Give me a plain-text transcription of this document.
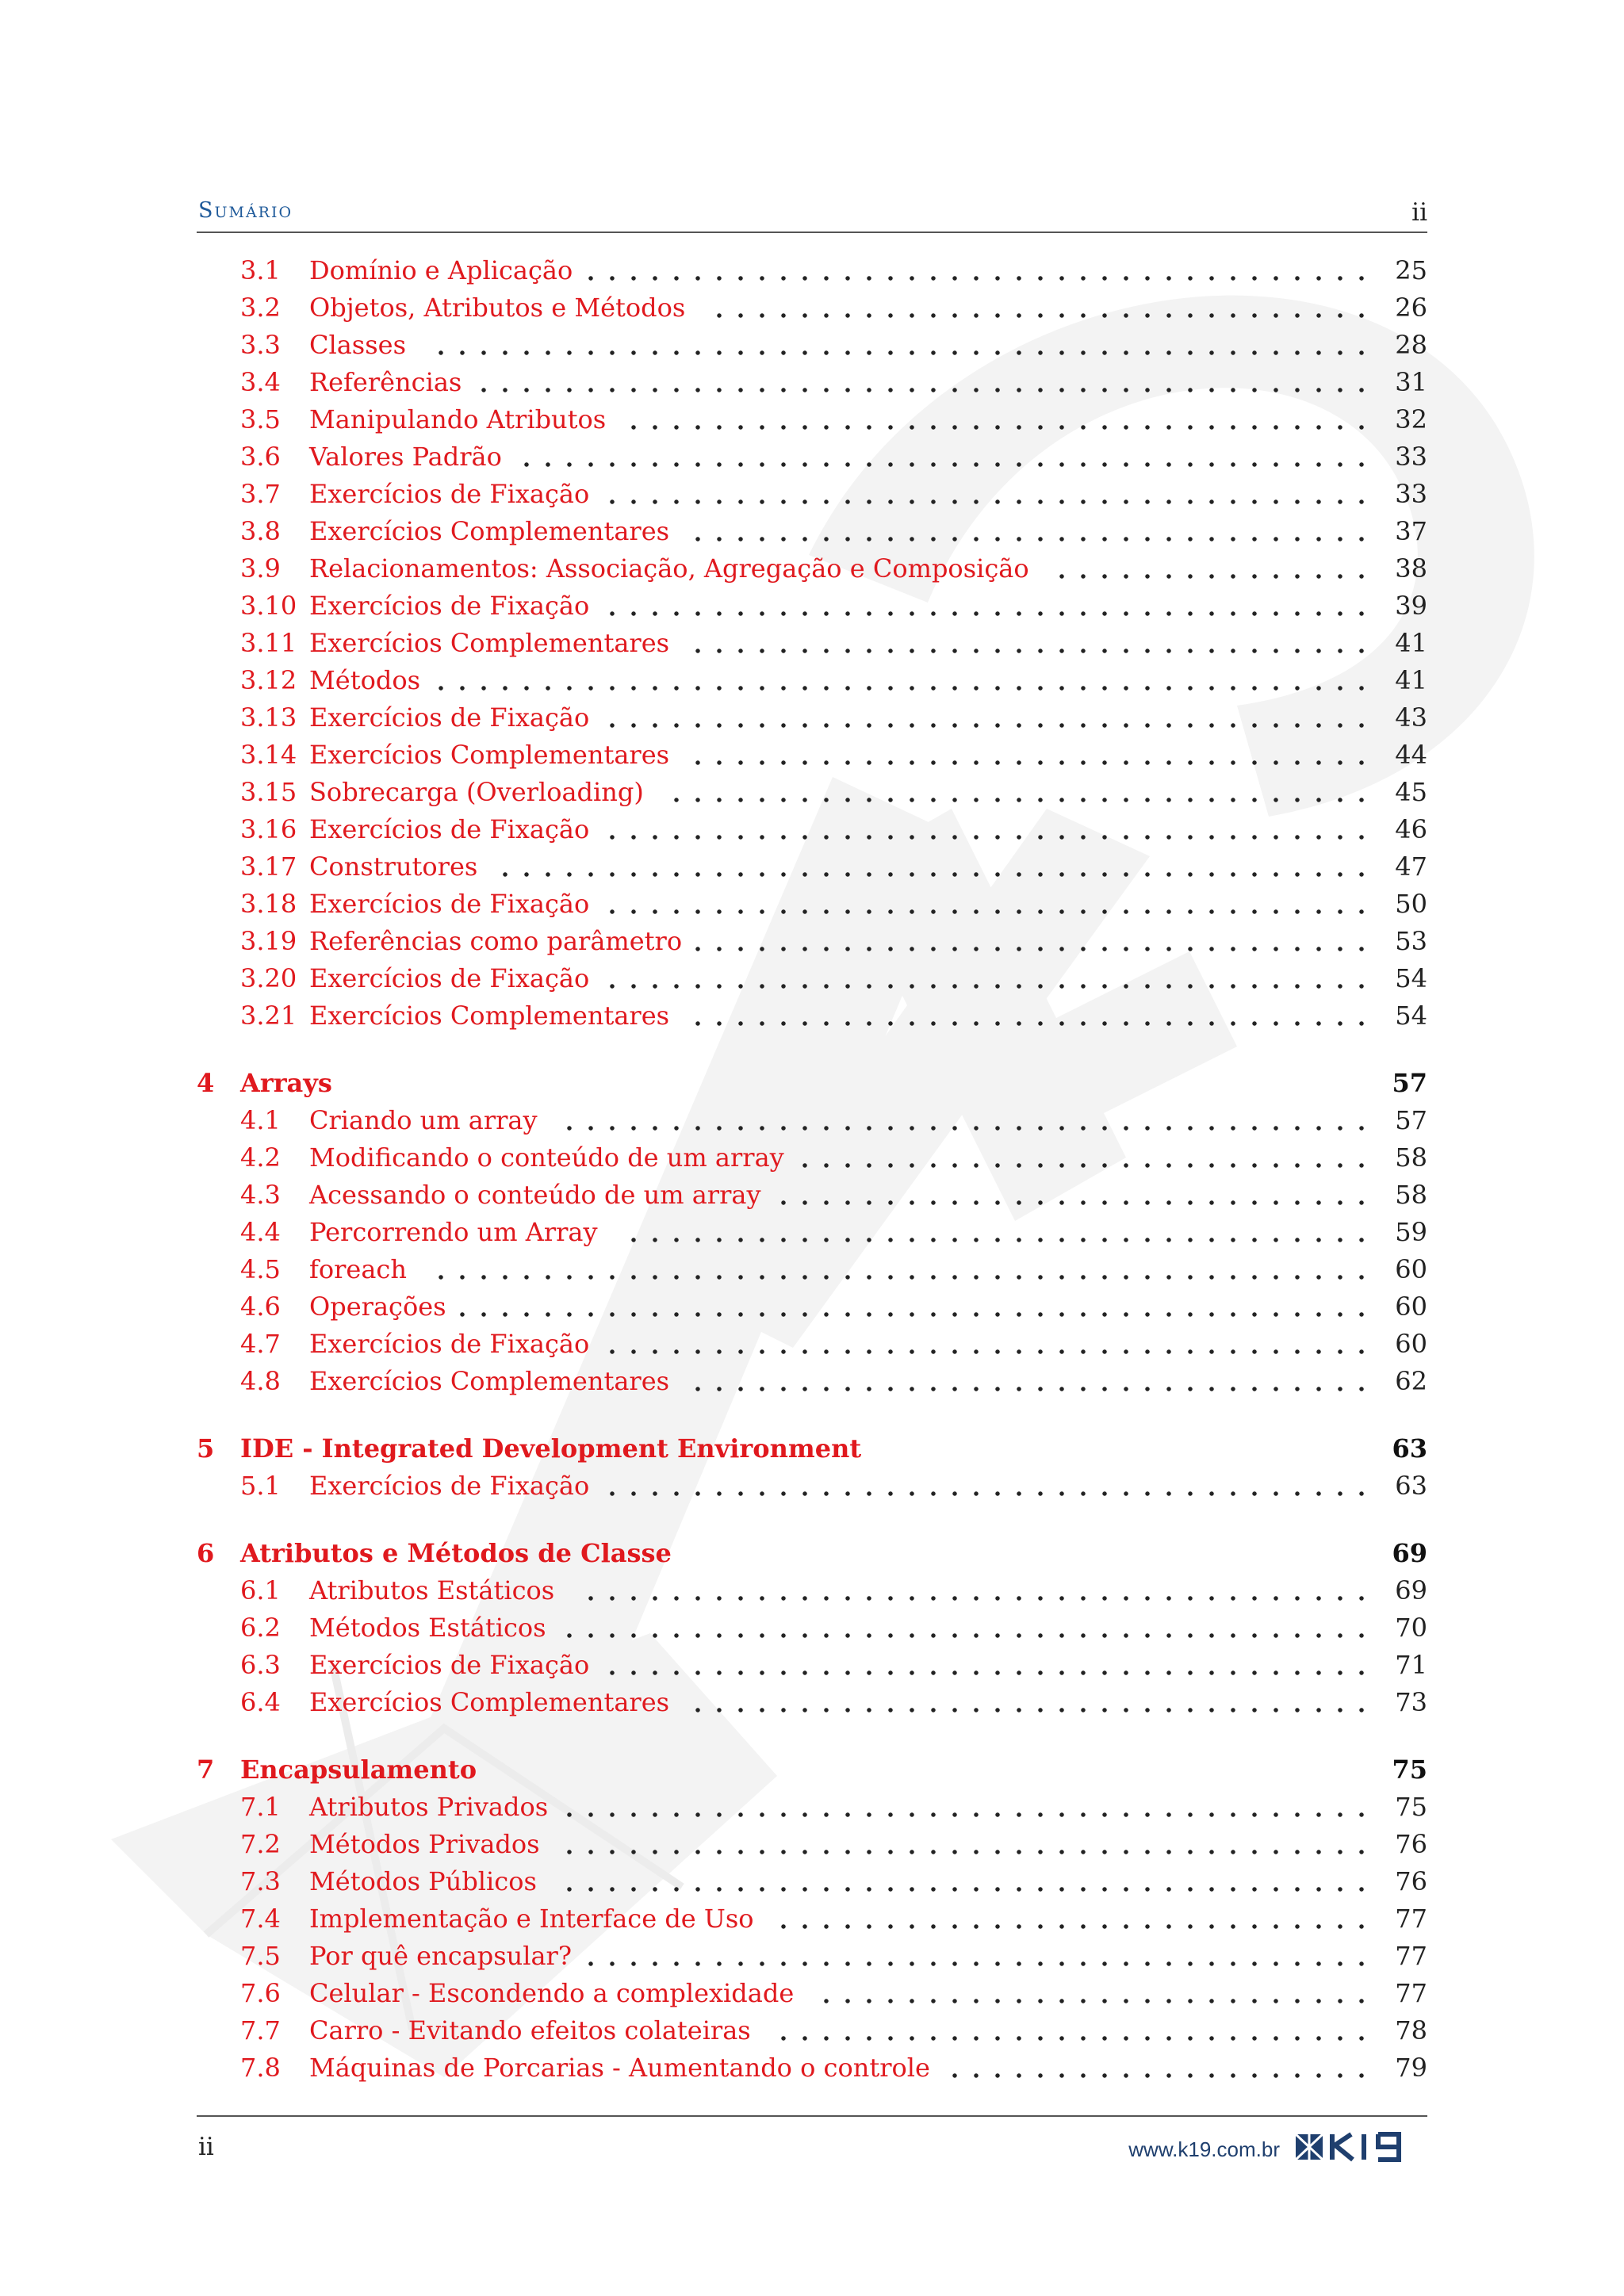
Sumário	ii
3.1 Domínio e Aplicação	25
3.2 Objetos, Atributos e Métodos	26
3.3 Classes	28
3.4 Referências	31
3.5 Manipulando Atributos	32
3.6 Valores Padrão	33
3.7 Exercícios de Fixação	33
3.8 Exercícios Complementares	37
3.9 Relacionamentos: Associação, Agregação e Composição	38
3.10 Exercícios de Fixação	39
3.11 Exercícios Complementares	41
3.12 Métodos	41
3.13 Exercícios de Fixação	43
3.14 Exercícios Complementares	44
3.15 Sobrecarga (Overloading)	45
3.16 Exercícios de Fixação	46
3.17 Construtores	47
3.18 Exercícios de Fixação	50
3.19 Referências como parâmetro	53
3.20 Exercícios de Fixação	54
3.21 Exercícios Complementares	54
4 Arrays	57
4.1 Criando um array	57
4.2 Modificando o conteúdo de um array	58
4.3 Acessando o conteúdo de um array	58
4.4 Percorrendo um Array	59
4.5 foreach	60
4.6 Operações	60
4.7 Exercícios de Fixação	60
4.8 Exercícios Complementares	62
5 IDE - Integrated Development Environment	63
5.1 Exercícios de Fixação	63
6 Atributos e Métodos de Classe	69
6.1 Atributos Estáticos	69
6.2 Métodos Estáticos	70
6.3 Exercícios de Fixação	71
6.4 Exercícios Complementares	73
7 Encapsulamento	75
7.1 Atributos Privados	75
7.2 Métodos Privados	76
7.3 Métodos Públicos	76
7.4 Implementação e Interface de Uso	77
7.5 Por quê encapsular?	77
7.6 Celular - Escondendo a complexidade	77
7.7 Carro - Evitando efeitos colateiras	78
7.8 Máquinas de Porcarias - Aumentando o controle	79
ii	www.k19.com.br
